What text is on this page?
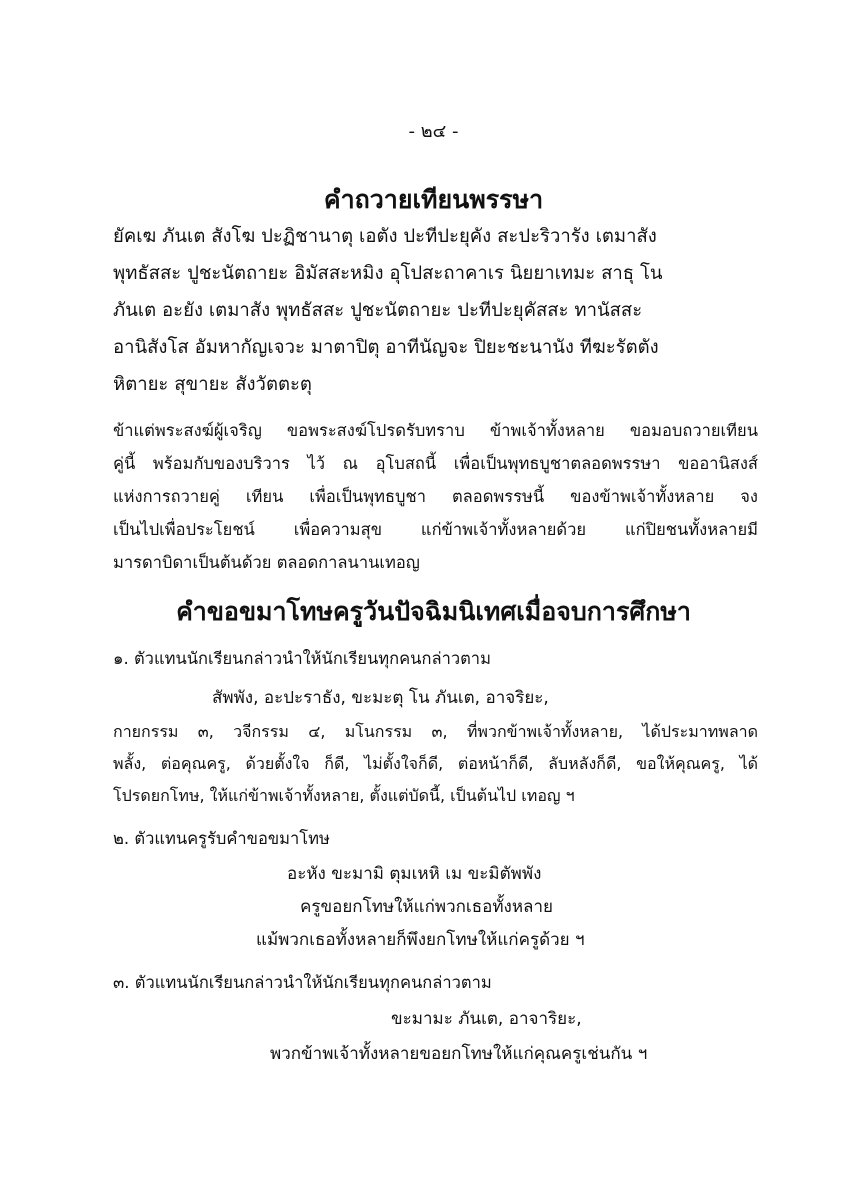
- ๒๔ -
คำถวายเทียนพรรษา
ยัคเฆ ภันเต สังโฆ ปะฏิชานาตุ เอตัง ปะทีปะยุคัง สะปะริวารัง เตมาสัง
พุทธัสสะ ปูชะนัตถายะ อิมัสสะหมิง อุโปสะถาคาเร นิยยาเทมะ สาธุ โน
ภันเต อะยัง เตมาสัง พุทธัสสะ ปูชะนัตถายะ ปะทีปะยุคัสสะ ทานัสสะ
อานิสังโส อัมหากัญเจวะ มาตาปิตุ อาทีนัญจะ ปิยะชะนานัง ทีฆะรัตตัง
หิตายะ สุขายะ สังวัตตะตุ
ข้าแต่พระสงฆ์ผู้เจริญ ขอพระสงฆ์โปรดรับทราบ ข้าพเจ้าทั้งหลาย ขอมอบถวายเทียน
คู่นี้ พร้อมกับของบริวาร ไว้ ณ อุโบสถนี้ เพื่อเป็นพุทธบูชาตลอดพรรษา ขออานิสงส์
แห่งการถวายคู่ เทียน เพื่อเป็นพุทธบูชา ตลอดพรรษนี้ ของข้าพเจ้าทั้งหลาย จง
เป็นไปเพื่อประโยชน์ เพื่อความสุข แก่ข้าพเจ้าทั้งหลายด้วย แก่ปิยชนทั้งหลายมี
มารดาบิดาเป็นต้นด้วย ตลอดกาลนานเทอญ
คำขอขมาโทษครูวันปัจฉิมนิเทศเมื่อจบการศึกษา
๑. ตัวแทนนักเรียนกล่าวนำให้นักเรียนทุกคนกล่าวตาม
สัพพัง, อะปะราธัง, ขะมะตุ โน ภันเต, อาจริยะ,
กายกรรม ๓, วจีกรรม ๔, มโนกรรม ๓, ที่พวกข้าพเจ้าทั้งหลาย, ได้ประมาทพลาด
พลั้ง, ต่อคุณครู, ด้วยตั้งใจ ก็ดี, ไม่ตั้งใจก็ดี, ต่อหน้าก็ดี, ลับหลังก็ดี, ขอให้คุณครู, ได้
โปรดยกโทษ, ให้แก่ข้าพเจ้าทั้งหลาย, ตั้งแต่บัดนี้, เป็นต้นไป เทอญ ฯ
๒. ตัวแทนครูรับคำขอขมาโทษ
อะหัง ขะมามิ ตุมเหหิ เม ขะมิตัพพัง
ครูขอยกโทษให้แก่พวกเธอทั้งหลาย
แม้พวกเธอทั้งหลายก็พึงยกโทษให้แก่ครูด้วย ฯ
๓. ตัวแทนนักเรียนกล่าวนำให้นักเรียนทุกคนกล่าวตาม
ขะมามะ ภันเต, อาจาริยะ,
พวกข้าพเจ้าทั้งหลายขอยกโทษให้แก่คุณครูเช่นกัน ฯ
